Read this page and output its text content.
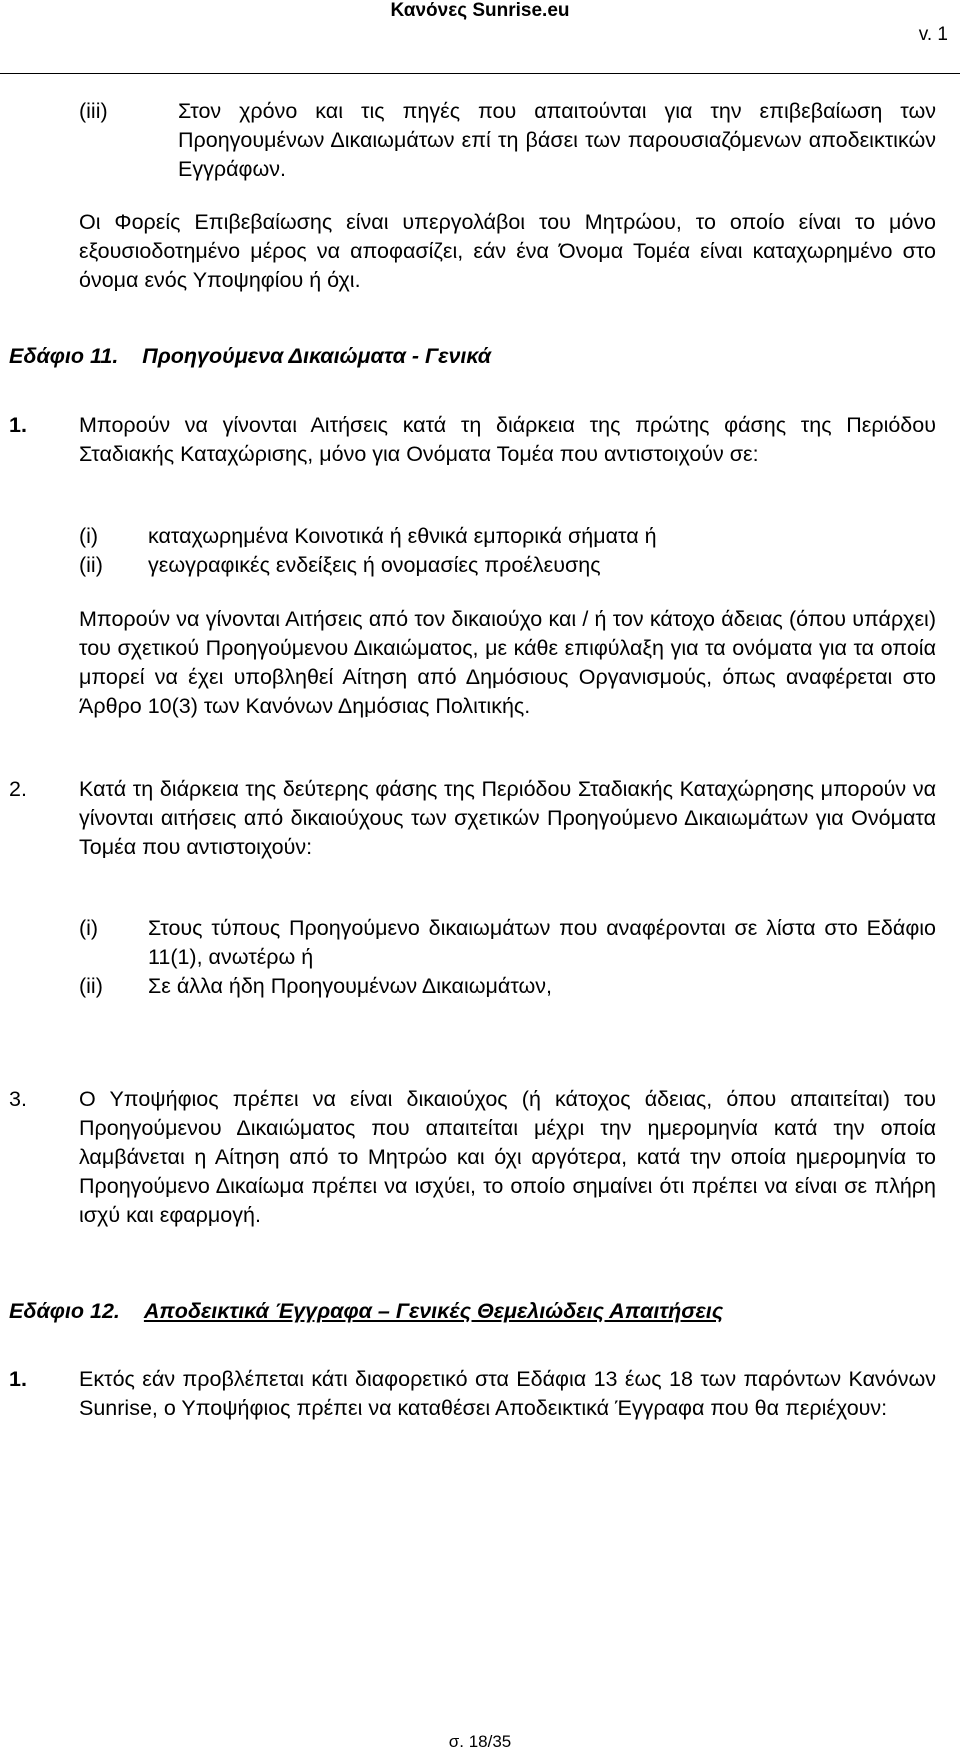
Κανόνες Sunrise.eu
v. 1
(iii)	Στον χρόνο και τις πηγές που απαιτούνται για την επιβεβαίωση των Προηγουμένων Δικαιωμάτων επί τη βάσει των παρουσιαζόμενων αποδεικτικών Εγγράφων.

Οι Φορείς Επιβεβαίωσης είναι υπεργολάβοι του Μητρώου, το οποίο είναι το μόνο εξουσιοδοτημένο μέρος να αποφασίζει, εάν ένα Όνομα Τομέα είναι καταχωρημένο στο όνομα ενός Υποψηφίου ή όχι.

Εδάφιο 11. Προηγούμενα Δικαιώματα - Γενικά
1. Μπορούν να γίνονται Αιτήσεις κατά τη διάρκεια της πρώτης φάσης της Περιόδου Σταδιακής Καταχώρισης, μόνο για Ονόματα Τομέα που αντιστοιχούν σε:

(i) καταχωρημένα Κοινοτικά ή εθνικά εμπορικά σήματα ή
(ii) γεωγραφικές ενδείξεις ή ονομασίες προέλευσης

Μπορούν να γίνονται Αιτήσεις από τον δικαιούχο και / ή τον κάτοχο άδειας (όπου υπάρχει) του σχετικού Προηγούμενου Δικαιώματος, με κάθε επιφύλαξη για τα ονόματα για τα οποία μπορεί να έχει υποβληθεί Αίτηση από Δημόσιους Οργανισμούς, όπως αναφέρεται στο Άρθρο 10(3) των Κανόνων Δημόσιας Πολιτικής.

2. Κατά τη διάρκεια της δεύτερης φάσης της Περιόδου Σταδιακής Καταχώρησης μπορούν να γίνονται αιτήσεις από δικαιούχους των σχετικών Προηγούμενο Δικαιωμάτων για Ονόματα Τομέα που αντιστοιχούν:

(i) Στους τύπους Προηγούμενο δικαιωμάτων που αναφέρονται σε λίστα στο Εδάφιο 11(1), ανωτέρω ή

(ii) Σε άλλα ήδη Προηγουμένων Δικαιωμάτων,
3. Ο Υποψήφιος πρέπει να είναι δικαιούχος (ή κάτοχος άδειας, όπου απαιτείται) του Προηγούμενου Δικαιώματος που απαιτείται μέχρι την ημερομηνία κατά την οποία λαμβάνεται η Αίτηση από το Μητρώο και όχι αργότερα, κατά την οποία ημερομηνία το Προηγούμενο Δικαίωμα πρέπει να ισχύει, το οποίο σημαίνει ότι πρέπει να είναι σε πλήρη ισχύ και εφαρμογή.

Εδάφιο 12. Αποδεικτικά Έγγραφα – Γενικές Θεμελιώδεις Απαιτήσεις
1. Εκτός εάν προβλέπεται κάτι διαφορετικό στα Εδάφια 13 έως 18 των παρόντων Κανόνων Sunrise, ο Υποψήφιος πρέπει να καταθέσει Αποδεικτικά Έγγραφα που θα περιέχουν:

σ. 18/35
